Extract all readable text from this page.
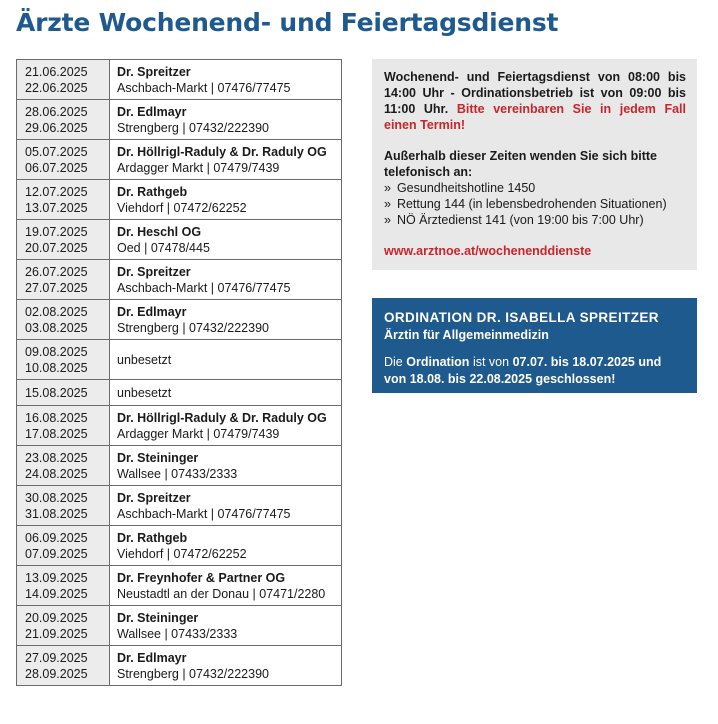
Ärzte Wochenend- und Feiertagsdienst
21.06.2025
22.06.2025	Dr. Spreitzer
Aschbach-Markt | 07476/77475

28.06.2025
29.06.2025	Dr. Edlmayr
Strengberg | 07432/222390

05.07.2025
06.07.2025	Dr. Höllrigl-Raduly & Dr. Raduly OG
Ardagger Markt | 07479/7439

12.07.2025
13.07.2025	Dr. Rathgeb
Viehdorf | 07472/62252

19.07.2025
20.07.2025	Dr. Heschl OG
Oed | 07478/445

26.07.2025
27.07.2025	Dr. Spreitzer
Aschbach-Markt | 07476/77475

02.08.2025
03.08.2025	Dr. Edlmayr
Strengberg | 07432/222390

09.08.2025
10.08.2025	unbesetzt

15.08.2025	unbesetzt

16.08.2025
17.08.2025	Dr. Höllrigl-Raduly & Dr. Raduly OG
Ardagger Markt | 07479/7439

23.08.2025
24.08.2025	Dr. Steininger
Wallsee | 07433/2333

30.08.2025
31.08.2025	Dr. Spreitzer
Aschbach-Markt | 07476/77475

06.09.2025
07.09.2025	Dr. Rathgeb
Viehdorf | 07472/62252

13.09.2025
14.09.2025	Dr. Freynhofer & Partner OG
Neustadtl an der Donau | 07471/2280

20.09.2025
21.09.2025	Dr. Steininger
Wallsee | 07433/2333

27.09.2025
28.09.2025	Dr. Edlmayr
Strengberg | 07432/222390

Wochenend- und Feiertagsdienst von 08:00 bis 14:00 Uhr - Ordinationsbetrieb ist von 09:00 bis 11:00 Uhr. Bitte vereinbaren Sie in jedem Fall einen Termin!

Außerhalb dieser Zeiten wenden Sie sich bitte telefonisch an:

» Gesundheitshotline 1450
» Rettung 144 (in lebensbedrohenden Situationen)
» NÖ Ärztedienst 141 (von 19:00 bis 7:00 Uhr)
www.arztnoe.at/wochenenddienste
ORDINATION DR. ISABELLA SPREITZER
Ärztin für Allgemeinmedizin
Die Ordination ist von 07.07. bis 18.07.2025 und von 18.08. bis 22.08.2025 geschlossen!
